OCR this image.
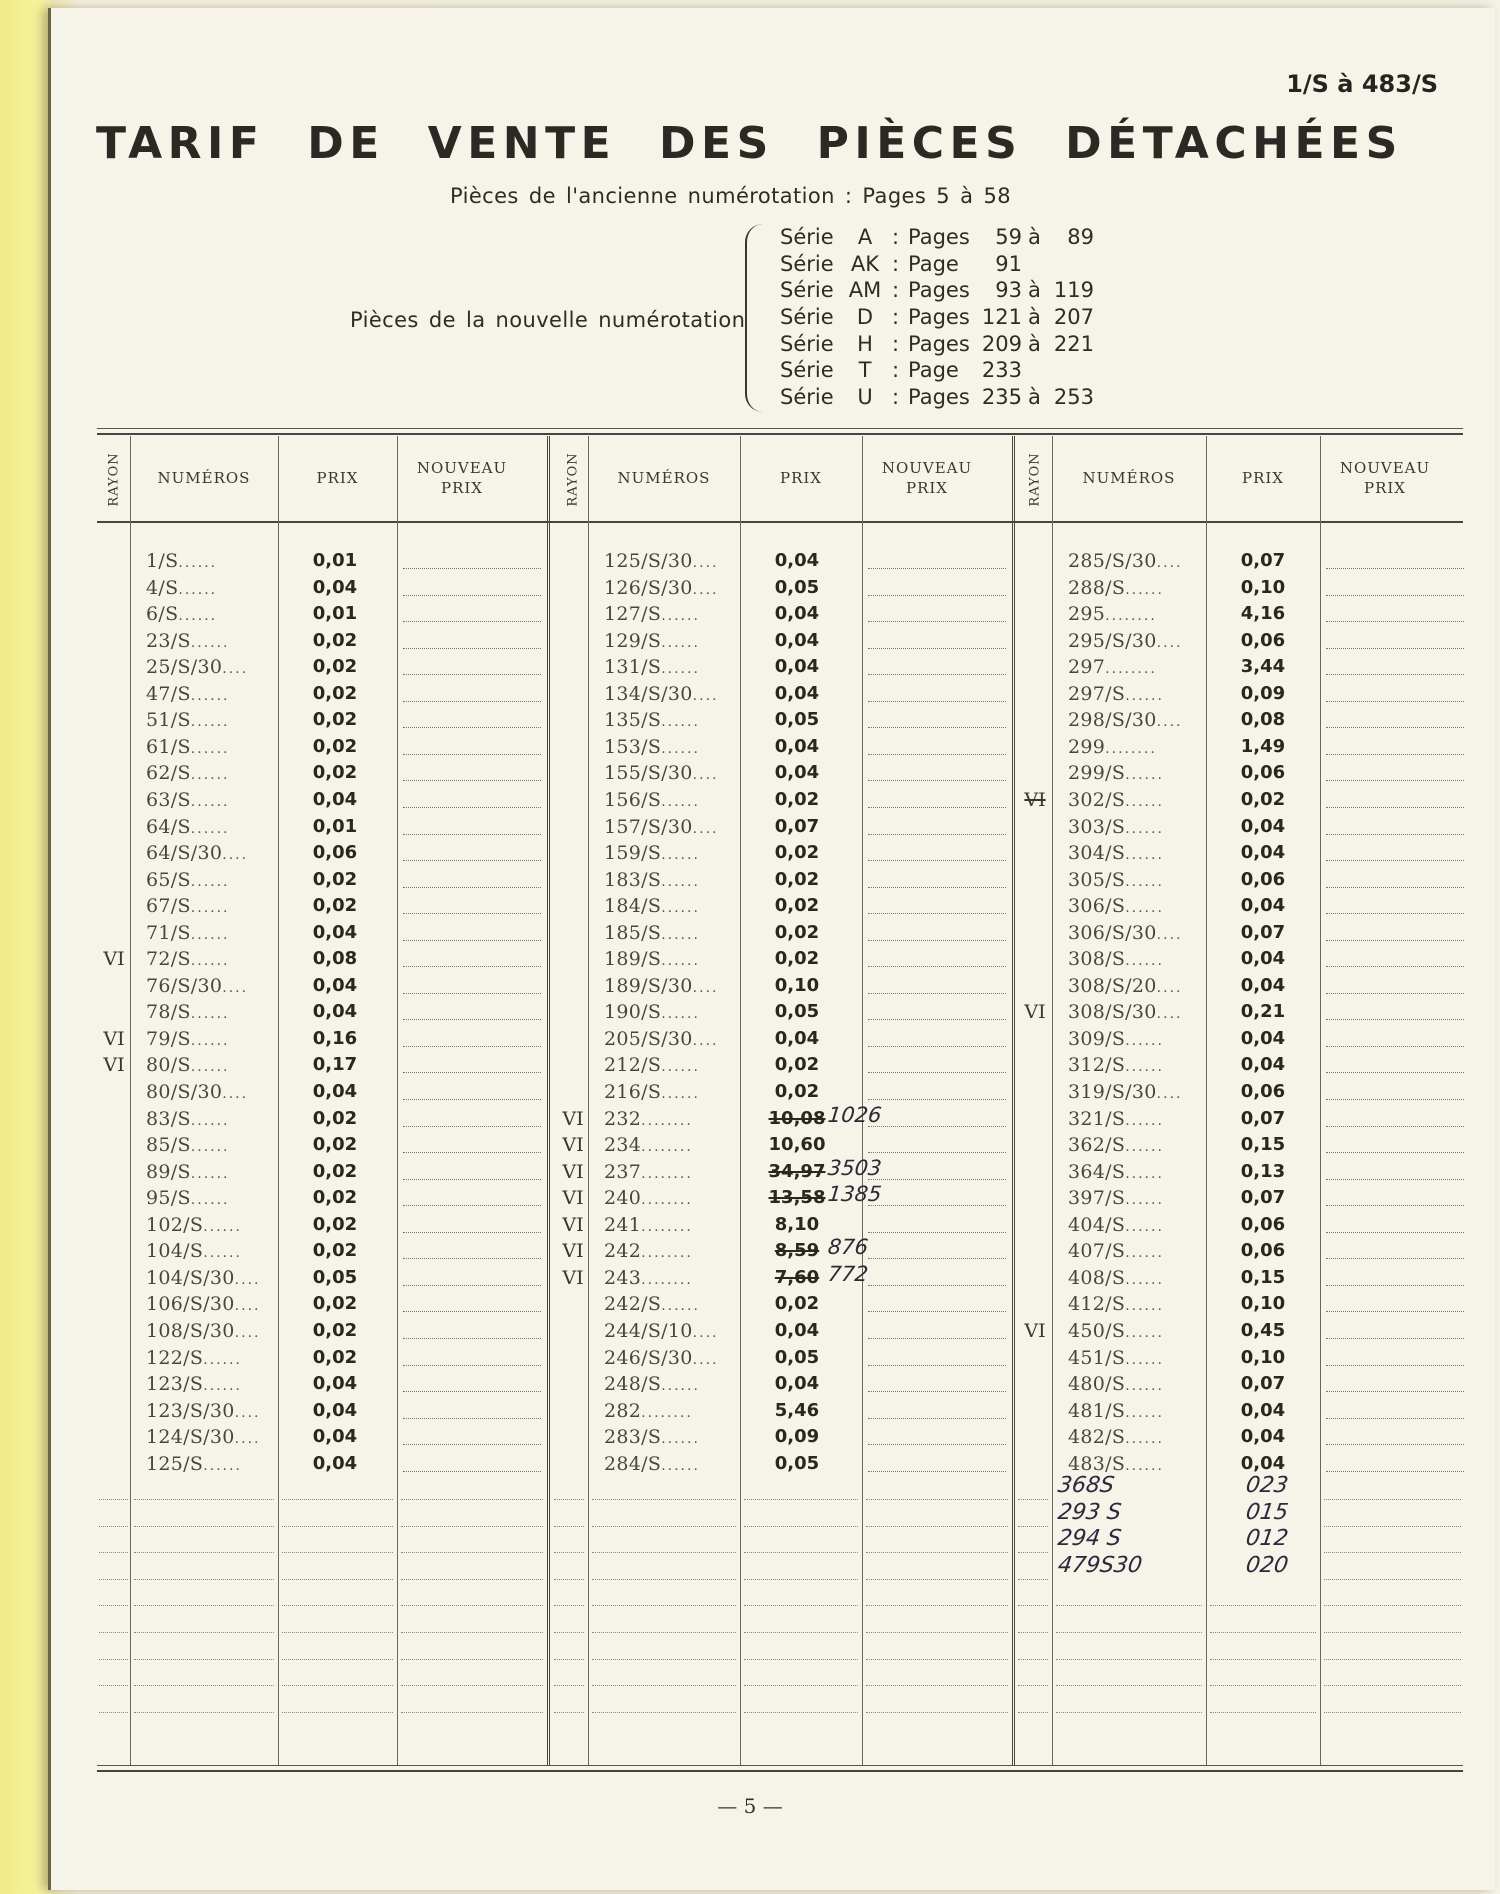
1/S à 483/S
TARIF DE VENTE DES PIÈCES DÉTACHÉES
Pièces de l'ancienne numérotation : Pages 5 à 58
Pièces de la nouvelle numérotation
Série	A : Pages	59 à	89
Série AK : Page	91
Série AM : Pages	93 à 119
Série	D : Pages 121 à 207
Série	H : Pages 209 à 221
Série	T : Page	233
Série	U : Pages 235 à 253
RAYON	NUMÉROS	PRIX
NOUVEAU PRIX	RAYON	NUMÉROS	PRIX
NOUVEAU PRIX	RAYON	NUMÉROS	PRIX
NOUVEAU PRIX
1/S......	0,01
4/S......	0,04
6/S......	0,01
23/S......	0,02
25/S/30....	0,02
47/S......	0,02
51/S......	0,02
61/S......	0,02
62/S......	0,02
63/S......	0,04
64/S......	0,01
64/S/30....	0,06
65/S......	0,02
67/S......	0,02
71/S......	0,04
VI 72/S......	0,08
76/S/30....	0,04
78/S......	0,04
VI 79/S......	0,16
VI 80/S......	0,17
80/S/30....	0,04
83/S......	0,02
85/S......	0,02
89/S......	0,02
95/S......	0,02
102/S......	0,02
104/S......	0,02
104/S/30....	0,05
106/S/30....	0,02
108/S/30....	0,02
122/S......	0,02
123/S......	0,04
123/S/30....	0,04
124/S/30....	0,04
125/S......	0,04
125/S/30....	0,04
126/S/30....	0,05
127/S......	0,04
129/S......	0,04
131/S......	0,04
134/S/30....	0,04
135/S......	0,05
153/S......	0,04
155/S/30....	0,04
156/S......	0,02
157/S/30....	0,07
159/S......	0,02
183/S......	0,02
184/S......	0,02
185/S......	0,02
189/S......	0,02
189/S/30....	0,10
190/S......	0,05
205/S/30....	0,04
212/S......	0,02
216/S......	0,02
VI 232........	10,08 1026
VI 234........	10,60
VI 237........	34,97 3503
VI 240........	13,58 1385
VI 241........	8,10
VI 242........	8,59 876
VI 243........	7,60 772
242/S......	0,02
244/S/10....	0,04
246/S/30....	0,05
248/S......	0,04
282........	5,46
283/S......	0,09
284/S......	0,05
285/S/30....	0,07
288/S......	0,10
295........	4,16
295/S/30....	0,06
297........	3,44
297/S......	0,09
298/S/30....	0,08
299........	1,49
299/S......	0,06
VI 302/S......	0,02
303/S......	0,04
304/S......	0,04
305/S......	0,06
306/S......	0,04
306/S/30....	0,07
308/S......	0,04
308/S/20....	0,04
VI 308/S/30....	0,21
309/S......	0,04
312/S......	0,04
319/S/30....	0,06
321/S......	0,07
362/S......	0,15
364/S......	0,13
397/S......	0,07
404/S......	0,06
407/S......	0,06
408/S......	0,15
412/S......	0,10
VI 450/S......	0,45
451/S......	0,10
480/S......	0,07
481/S......	0,04
482/S......	0,04
483/S......	0,04
368S	023
293 S	015
294 S	012
479S30	020
— 5 —
